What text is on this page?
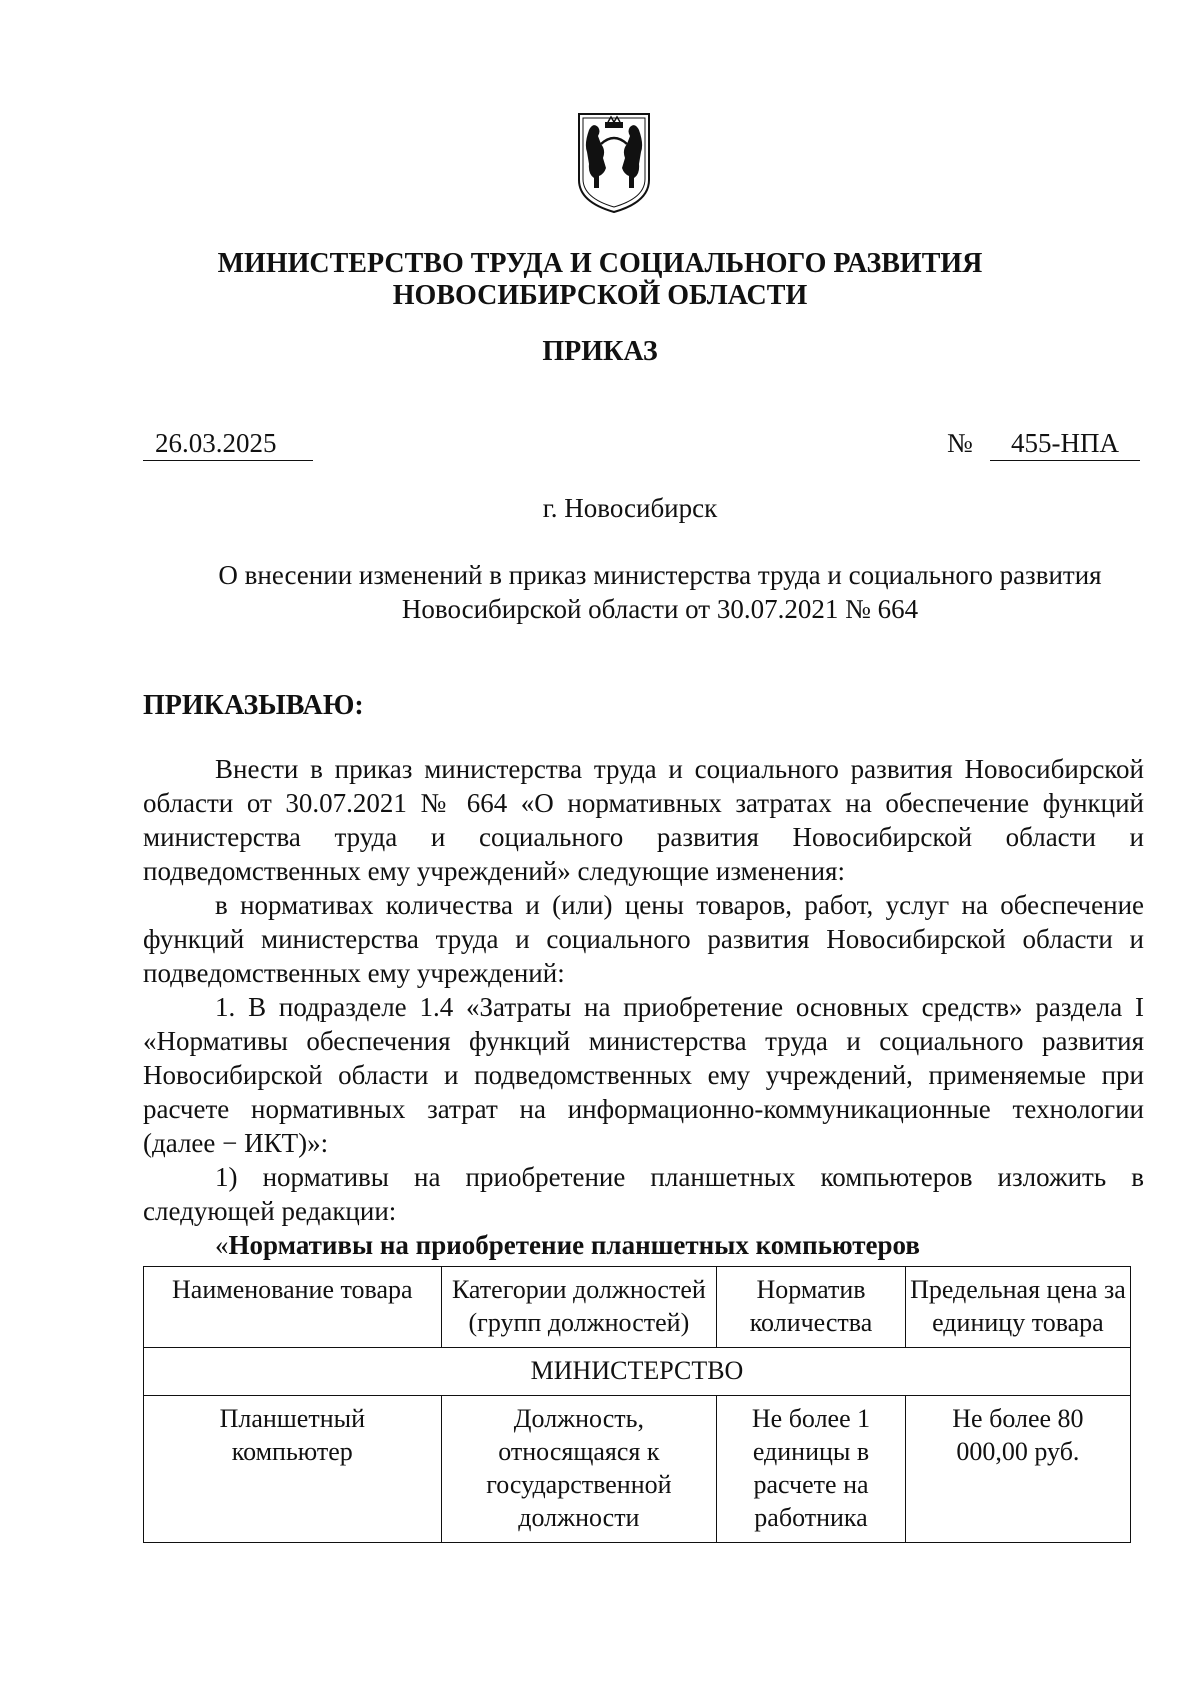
МИНИСТЕРСТВО ТРУДА И СОЦИАЛЬНОГО РАЗВИТИЯ
НОВОСИБИРСКОЙ ОБЛАСТИ
ПРИКАЗ
26.03.2025	№	455-НПА
г. Новосибирск
О внесении изменений в приказ министерства труда и социального развития
Новосибирской области от 30.07.2021 № 664
ПРИКАЗЫВАЮ:

Внести в приказ министерства труда и социального развития Новосибирской области от 30.07.2021 № 664 «О нормативных затратах на обеспечение функций министерства труда и социального развития Новосибирской области и подведомственных ему учреждений» следующие изменения:

в нормативах количества и (или) цены товаров, работ, услуг на обеспечение функций министерства труда и социального развития Новосибирской области и подведомственных ему учреждений:

1. В подразделе 1.4 «Затраты на приобретение основных средств» раздела I «Нормативы обеспечения функций министерства труда и социального развития Новосибирской области и подведомственных ему учреждений, применяемые при расчете нормативных затрат на информационно-коммуникационные технологии (далее − ИКТ)»:

1) нормативы на приобретение планшетных компьютеров изложить в следующей редакции:

«Нормативы на приобретение планшетных компьютеров
Наименование товара	Категории должностей (групп должностей)	Норматив количества	Предельная цена за единицу товара
МИНИСТЕРСТВО			
Планшетный компьютер	Должность, относящаяся к государственной должности	Не более 1 единицы в расчете на работника	Не более 80 000,00 руб.
